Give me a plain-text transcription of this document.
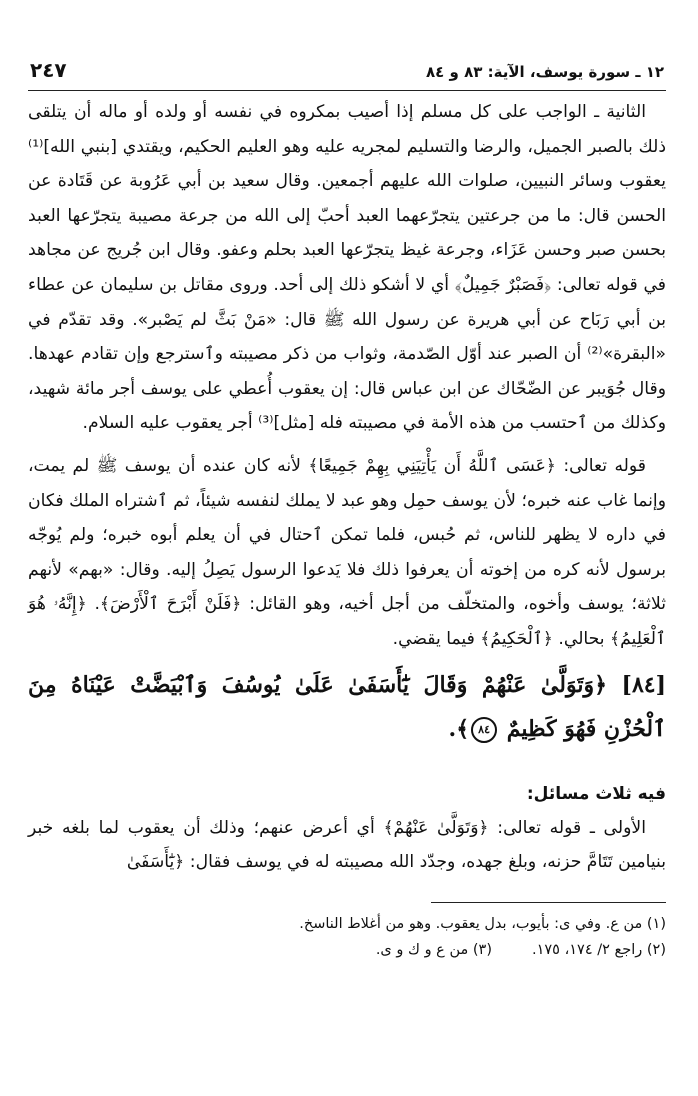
١٢ ـ سورة يوسف، الآية: ٨٣ و ٨٤
٢٤٧

الثانية ـ الواجب على كل مسلم إذا أصيب بمكروه في نفسه أو ولده أو ماله أن يتلقى ذلك بالصبر الجميل، والرضا والتسليم لمجريه عليه وهو العليم الحكيم، ويقتدي [بنبي الله]⁽¹⁾ يعقوب وسائر النبيين، صلوات الله عليهم أجمعين. وقال سعيد بن أبي عَرُوبة عن قَتَادة عن الحسن قال: ما من جرعتين يتجرّعهما العبد أحبّ إلى الله من جرعة مصيبة يتجرّعها العبد بحسن صبر وحسن عَزَاء، وجرعة غيظ يتجرّعها العبد بحلم وعفو. وقال ابن جُريج عن مجاهد في قوله تعالى: ﴿فَصَبْرٌ جَمِيلٌ﴾ أي لا أشكو ذلك إلى أحد. وروى مقاتل بن سليمان عن عطاء بن أبي رَبَاح عن أبي هريرة عن رسول الله ﷺ قال: «مَنْ بَثَّ لم يَصْبر». وقد تقدّم في «البقرة»⁽²⁾ أن الصبر عند أوّل الصّدمة، وثواب من ذكر مصيبته وٱسترجع وإن تقادم عهدها. وقال جُوَيبر عن الضّحّاك عن ابن عباس قال: إن يعقوب أُعطي على يوسف أجر مائة شهيد، وكذلك من ٱحتسب من هذه الأمة في مصيبته فله [مثل]⁽³⁾ أجر يعقوب عليه السلام.

قوله تعالى: ﴿عَسَى ٱللَّهُ أَن يَأْتِيَنِي بِهِمْ جَمِيعًا﴾ لأنه كان عنده أن يوسف ﷺ لم يمت، وإنما غاب عنه خبره؛ لأن يوسف حمِل وهو عبد لا يملك لنفسه شيئاً، ثم ٱشتراه الملك فكان في داره لا يظهر للناس، ثم حُبس، فلما تمكن ٱحتال في أن يعلم أبوه خبره؛ ولم يُوجّه برسول لأنه كره من إخوته أن يعرفوا ذلك فلا يَدعوا الرسول يَصِلُ إليه. وقال: «بهم» لأنهم ثلاثة؛ يوسف وأخوه، والمتخلّف من أجل أخيه، وهو القائل: ﴿فَلَنْ أَبْرَحَ ٱلْأَرْضَ﴾. ﴿إِنَّهُۥ هُوَ ٱلْعَلِيمُ﴾ بحالي. ﴿ٱلْحَكِيمُ﴾ فيما يقضي.

[٨٤] ﴿وَتَوَلَّىٰ عَنْهُمْ وَقَالَ يَٰٓأَسَفَىٰ عَلَىٰ يُوسُفَ وَٱبْيَضَّتْ عَيْنَاهُ مِنَ ٱلْحُزْنِ فَهُوَ كَظِيمٌ ٨٤﴾.
فيه ثلاث مسائل:

الأولى ـ قوله تعالى: ﴿وَتَوَلَّىٰ عَنْهُمْ﴾ أي أعرض عنهم؛ وذلك أن يعقوب لما بلغه خبر بنيامين تَتَامَّ حزنه، وبلغ جهده، وجدّد الله مصيبته له في يوسف فقال: ﴿يَٰٓأَسَفَىٰ

(١) من ع. وفي ى: بأيوب، بدل يعقوب. وهو من أغلاط الناسخ.
(٢) راجع ٢/ ١٧٤، ١٧٥.(٣) من ع و ك و ى.
